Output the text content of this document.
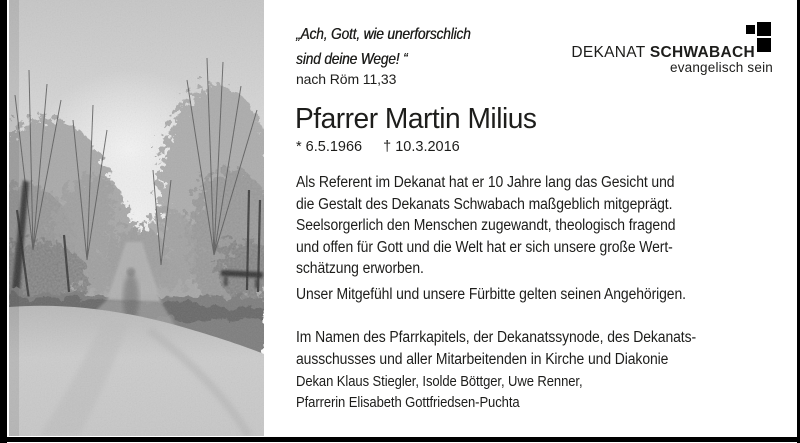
„Ach, Gott, wie unerforschlich
sind deine Wege! “
nach Röm 11,33
DEKANAT SCHWABACH
evangelisch sein
Pfarrer Martin Milius
* 6.5.1966 † 10.3.2016
Als Referent im Dekanat hat er 10 Jahre lang das Gesicht und
die Gestalt des Dekanats Schwabach maßgeblich mitgeprägt.
Seelsorgerlich den Menschen zugewandt, theologisch fragend
und offen für Gott und die Welt hat er sich unsere große Wert-
schätzung erworben.
Unser Mitgefühl und unsere Fürbitte gelten seinen Angehörigen.
Im Namen des Pfarrkapitels, der Dekanatssynode, des Dekanats-
ausschusses und aller Mitarbeitenden in Kirche und Diakonie
Dekan Klaus Stiegler, Isolde Böttger, Uwe Renner,
Pfarrerin Elisabeth Gottfriedsen-Puchta
